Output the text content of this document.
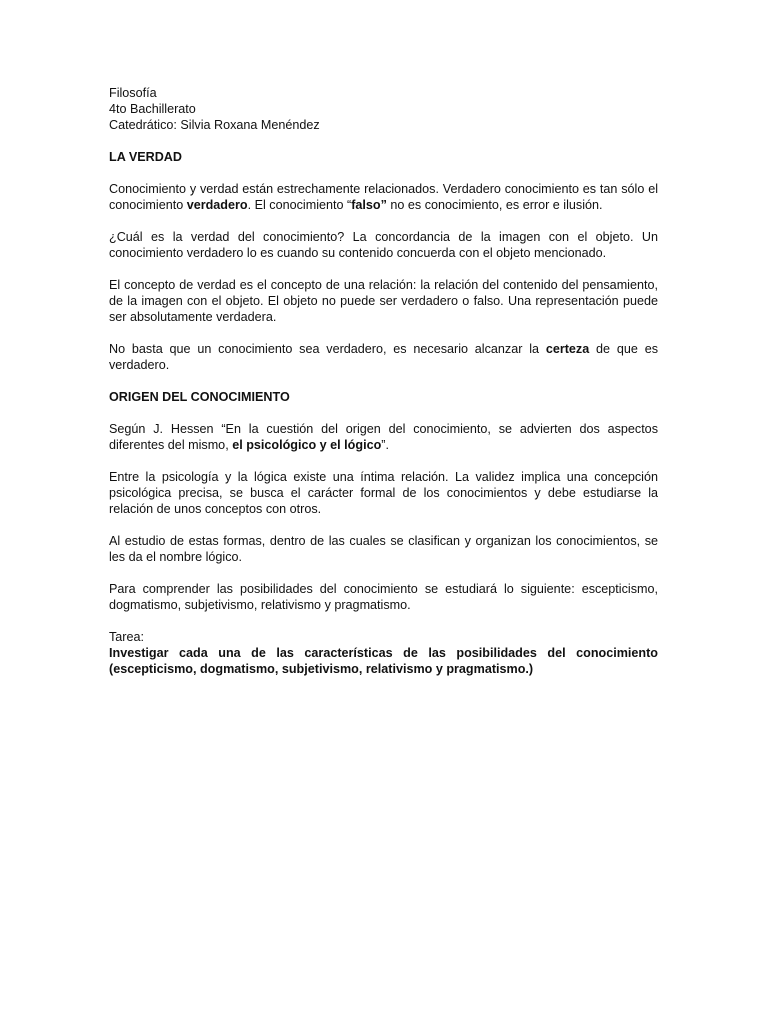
Filosofía
4to Bachillerato
Catedrático: Silvia Roxana Menéndez

LA VERDAD

Conocimiento y verdad están estrechamente relacionados. Verdadero conocimiento es tan sólo el conocimiento verdadero. El conocimiento “falso” no es conocimiento, es error e ilusión.

¿Cuál es la verdad del conocimiento? La concordancia de la imagen con el objeto. Un conocimiento verdadero lo es cuando su contenido concuerda con el objeto mencionado.

El concepto de verdad es el concepto de una relación: la relación del contenido del pensamiento, de la imagen con el objeto. El objeto no puede ser verdadero o falso. Una representación puede ser absolutamente verdadera.

No basta que un conocimiento sea verdadero, es necesario alcanzar la certeza de que es verdadero.

ORIGEN DEL CONOCIMIENTO

Según J. Hessen “En la cuestión del origen del conocimiento, se advierten dos aspectos diferentes del mismo, el psicológico y el lógico”.

Entre la psicología y la lógica existe una íntima relación. La validez implica una concepción psicológica precisa, se busca el carácter formal de los conocimientos y debe estudiarse la relación de unos conceptos con otros.

Al estudio de estas formas, dentro de las cuales se clasifican y organizan los conocimientos, se les da el nombre lógico.

Para comprender las posibilidades del conocimiento se estudiará lo siguiente: escepticismo, dogmatismo, subjetivismo, relativismo y pragmatismo.

Tarea:

Investigar cada una de las características de las posibilidades del conocimiento (escepticismo, dogmatismo, subjetivismo, relativismo y pragmatismo.)
